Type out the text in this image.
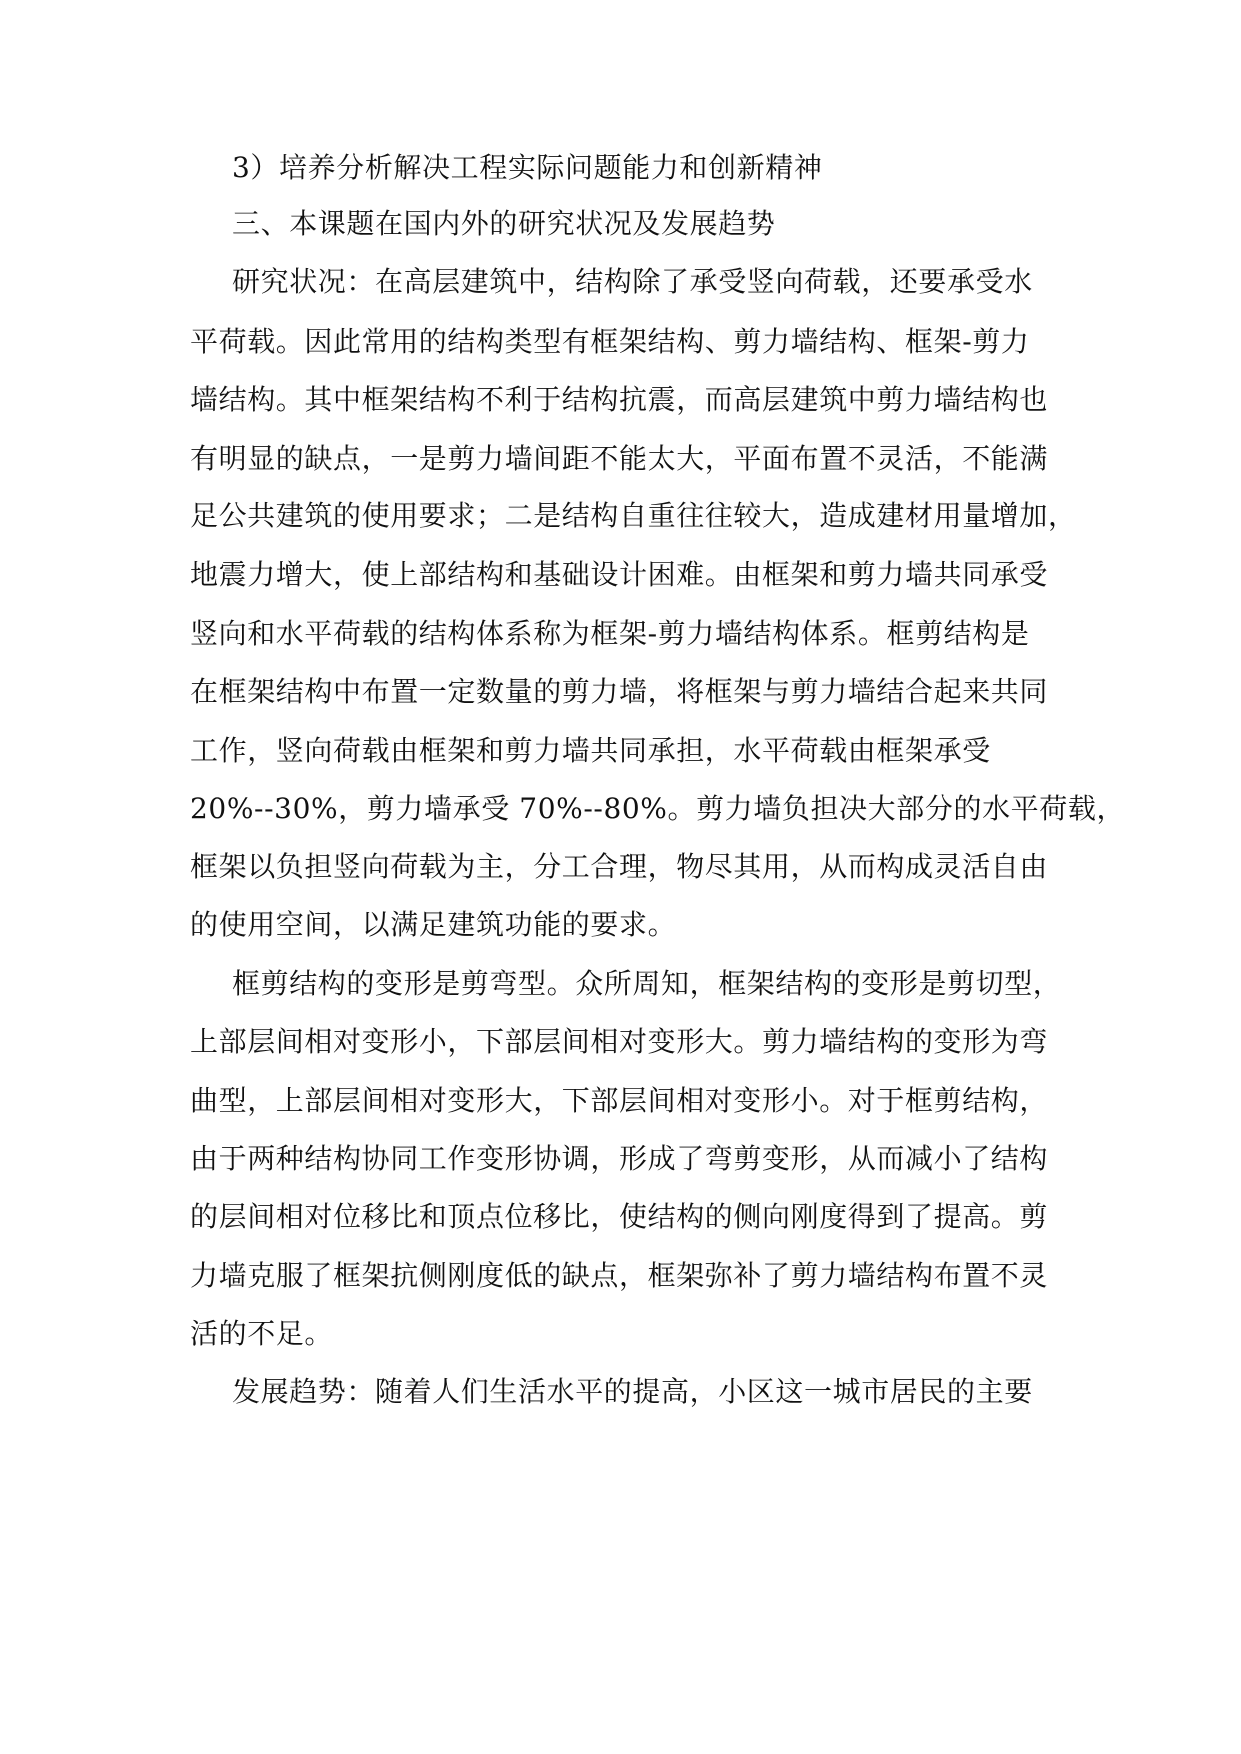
3）培养分析解决工程实际问题能力和创新精神
三、本课题在国内外的研究状况及发展趋势
研究状况：在高层建筑中，结构除了承受竖向荷载，还要承受水
平荷载。因此常用的结构类型有框架结构、剪力墙结构、框架-剪力
墙结构。其中框架结构不利于结构抗震，而高层建筑中剪力墙结构也
有明显的缺点，一是剪力墙间距不能太大，平面布置不灵活，不能满
足公共建筑的使用要求；二是结构自重往往较大，造成建材用量增加，
地震力增大，使上部结构和基础设计困难。由框架和剪力墙共同承受
竖向和水平荷载的结构体系称为框架-剪力墙结构体系。框剪结构是
在框架结构中布置一定数量的剪力墙，将框架与剪力墙结合起来共同
工作，竖向荷载由框架和剪力墙共同承担，水平荷载由框架承受
20%--30%，剪力墙承受 70%--80%。剪力墙负担决大部分的水平荷载，
框架以负担竖向荷载为主，分工合理，物尽其用，从而构成灵活自由
的使用空间，以满足建筑功能的要求。
框剪结构的变形是剪弯型。众所周知，框架结构的变形是剪切型，
上部层间相对变形小，下部层间相对变形大。剪力墙结构的变形为弯
曲型，上部层间相对变形大，下部层间相对变形小。对于框剪结构，
由于两种结构协同工作变形协调，形成了弯剪变形，从而减小了结构
的层间相对位移比和顶点位移比，使结构的侧向刚度得到了提高。剪
力墙克服了框架抗侧刚度低的缺点，框架弥补了剪力墙结构布置不灵
活的不足。
发展趋势：随着人们生活水平的提高，小区这一城市居民的主要
